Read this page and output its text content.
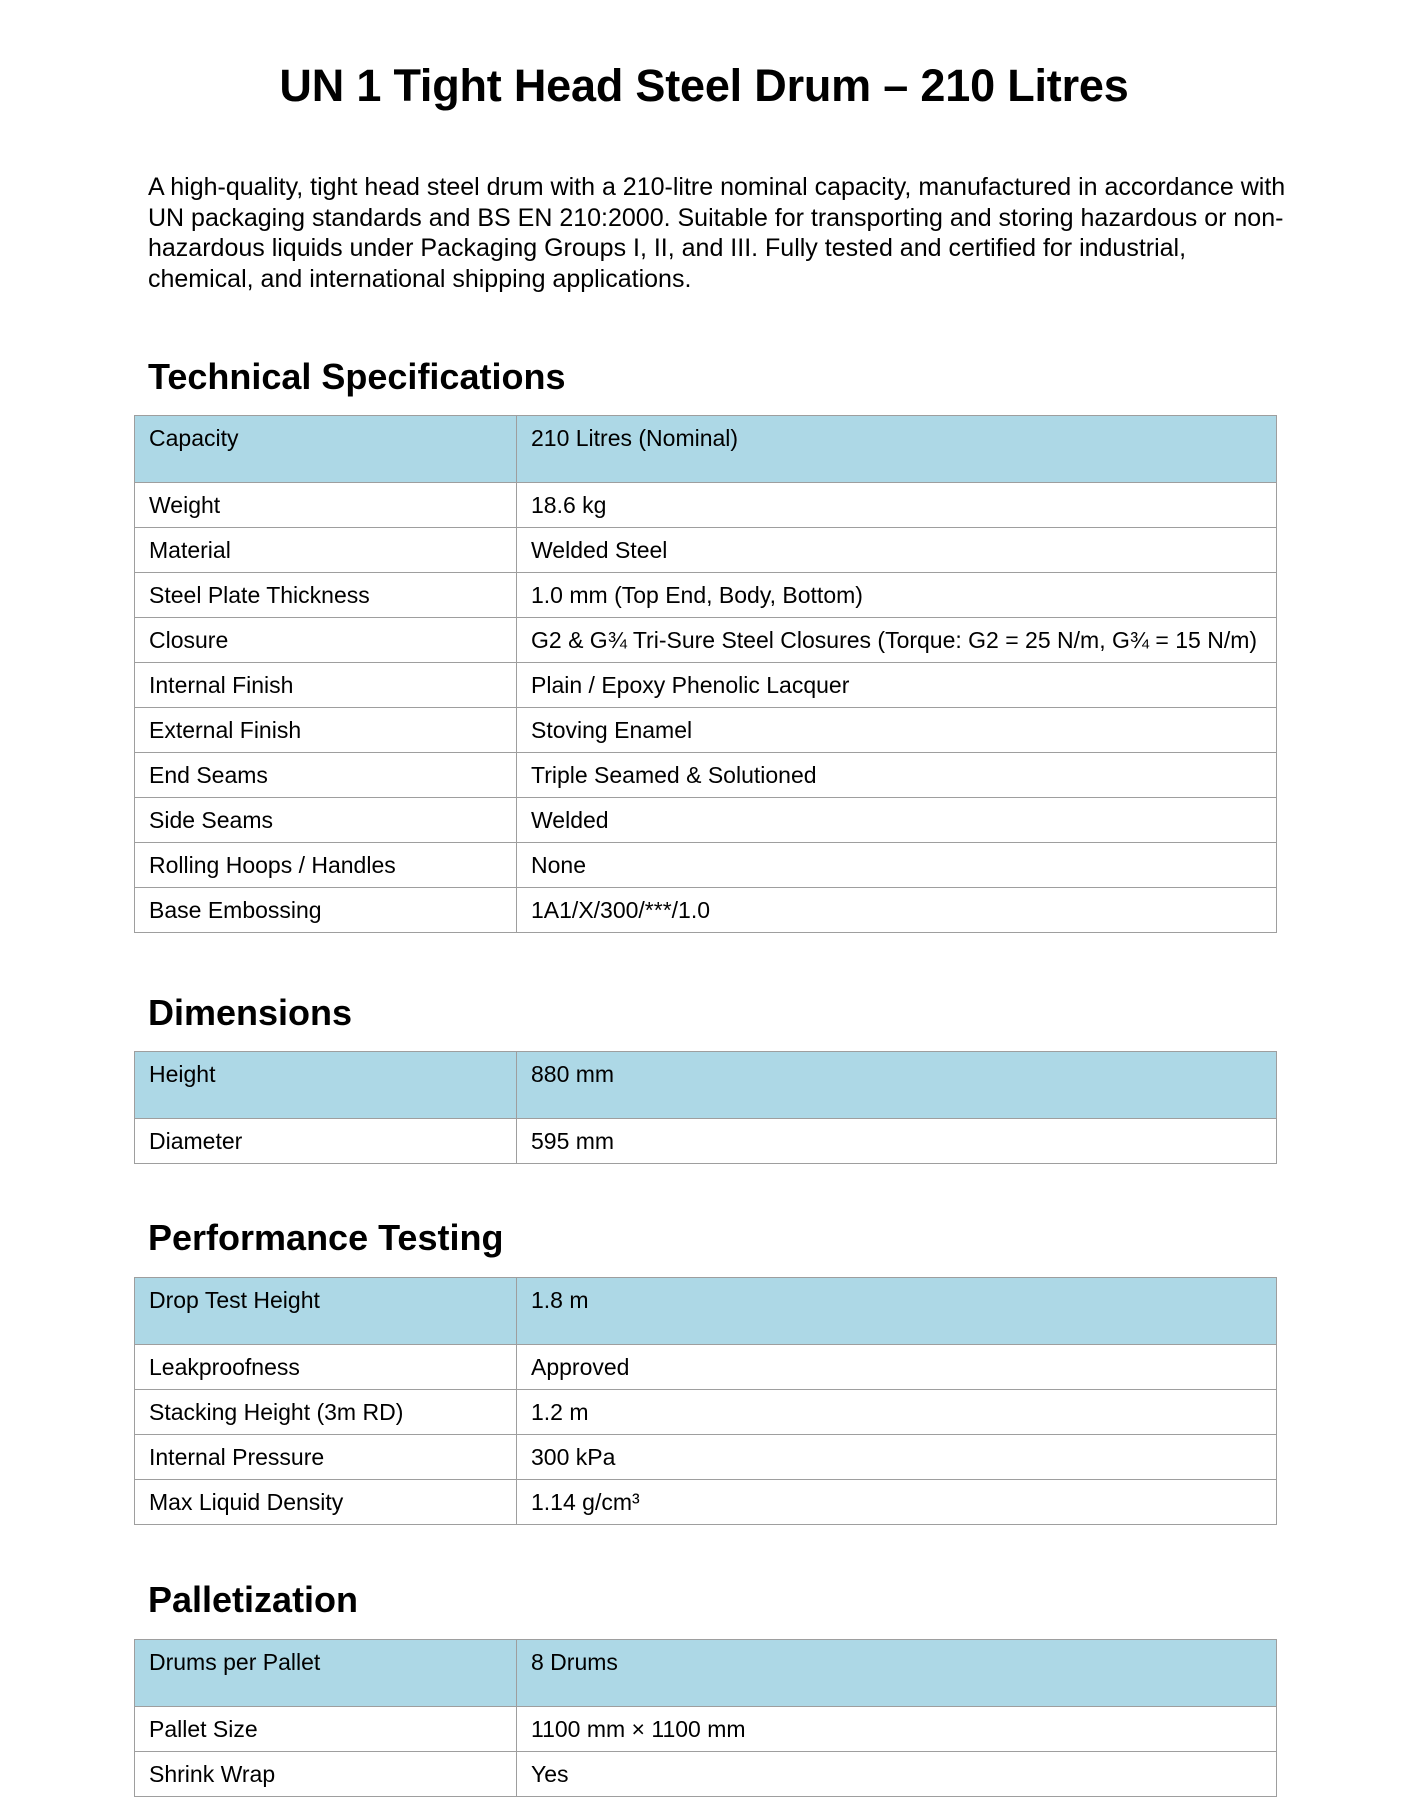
UN 1 Tight Head Steel Drum – 210 Litres

A high-quality, tight head steel drum with a 210-litre nominal capacity, manufactured in accordance with UN packaging standards and BS EN 210:2000. Suitable for transporting and storing hazardous or non-hazardous liquids under Packaging Groups I, II, and III. Fully tested and certified for industrial, chemical, and international shipping applications.

Technical Specifications
Capacity	210 Litres (Nominal)
Weight	18.6 kg
Material	Welded Steel
Steel Plate Thickness	1.0 mm (Top End, Body, Bottom)
Closure	G2 & G¾ Tri-Sure Steel Closures (Torque: G2 = 25 N/m, G¾ = 15 N/m)
Internal Finish	Plain / Epoxy Phenolic Lacquer
External Finish	Stoving Enamel
End Seams	Triple Seamed & Solutioned
Side Seams	Welded
Rolling Hoops / Handles	None
Base Embossing	1A1/X/300/***/1.0
Dimensions
Height	880 mm
Diameter	595 mm
Performance Testing
Drop Test Height	1.8 m
Leakproofness	Approved
Stacking Height (3m RD)	1.2 m
Internal Pressure	300 kPa
Max Liquid Density	1.14 g/cm³
Palletization
Drums per Pallet	8 Drums
Pallet Size	1100 mm × 1100 mm
Shrink Wrap	Yes
